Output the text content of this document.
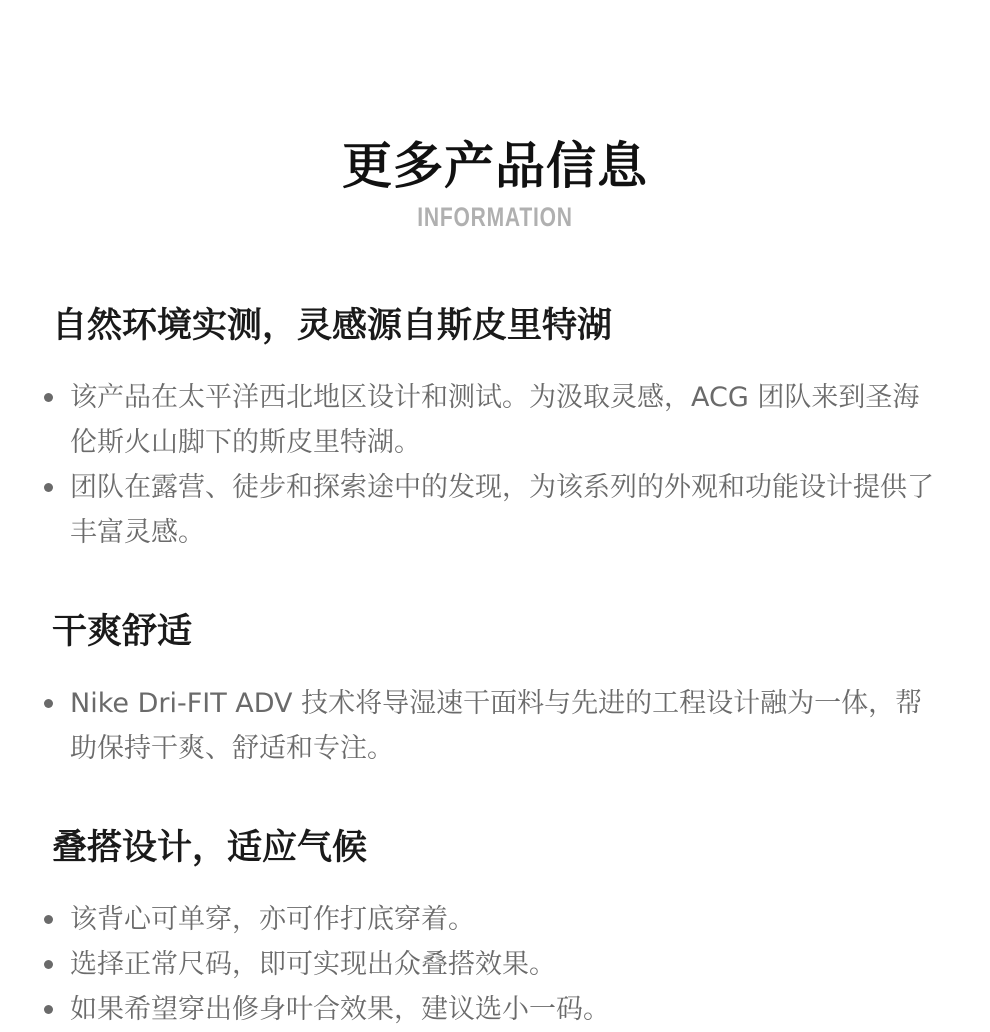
更多产品信息
INFORMATION
自然环境实测，灵感源自斯皮里特湖
该产品在太平洋西北地区设计和测试。为汲取灵感，ACG 团队来到圣海伦斯火山脚下的斯皮里特湖。
团队在露营、徒步和探索途中的发现，为该系列的外观和功能设计提供了丰富灵感。
干爽舒适
Nike Dri-FIT ADV 技术将导湿速干面料与先进的工程设计融为一体，帮助保持干爽、舒适和专注。
叠搭设计，适应气候
该背心可单穿，亦可作打底穿着。
选择正常尺码，即可实现出众叠搭效果。
如果希望穿出修身叶合效果，建议选小一码。
